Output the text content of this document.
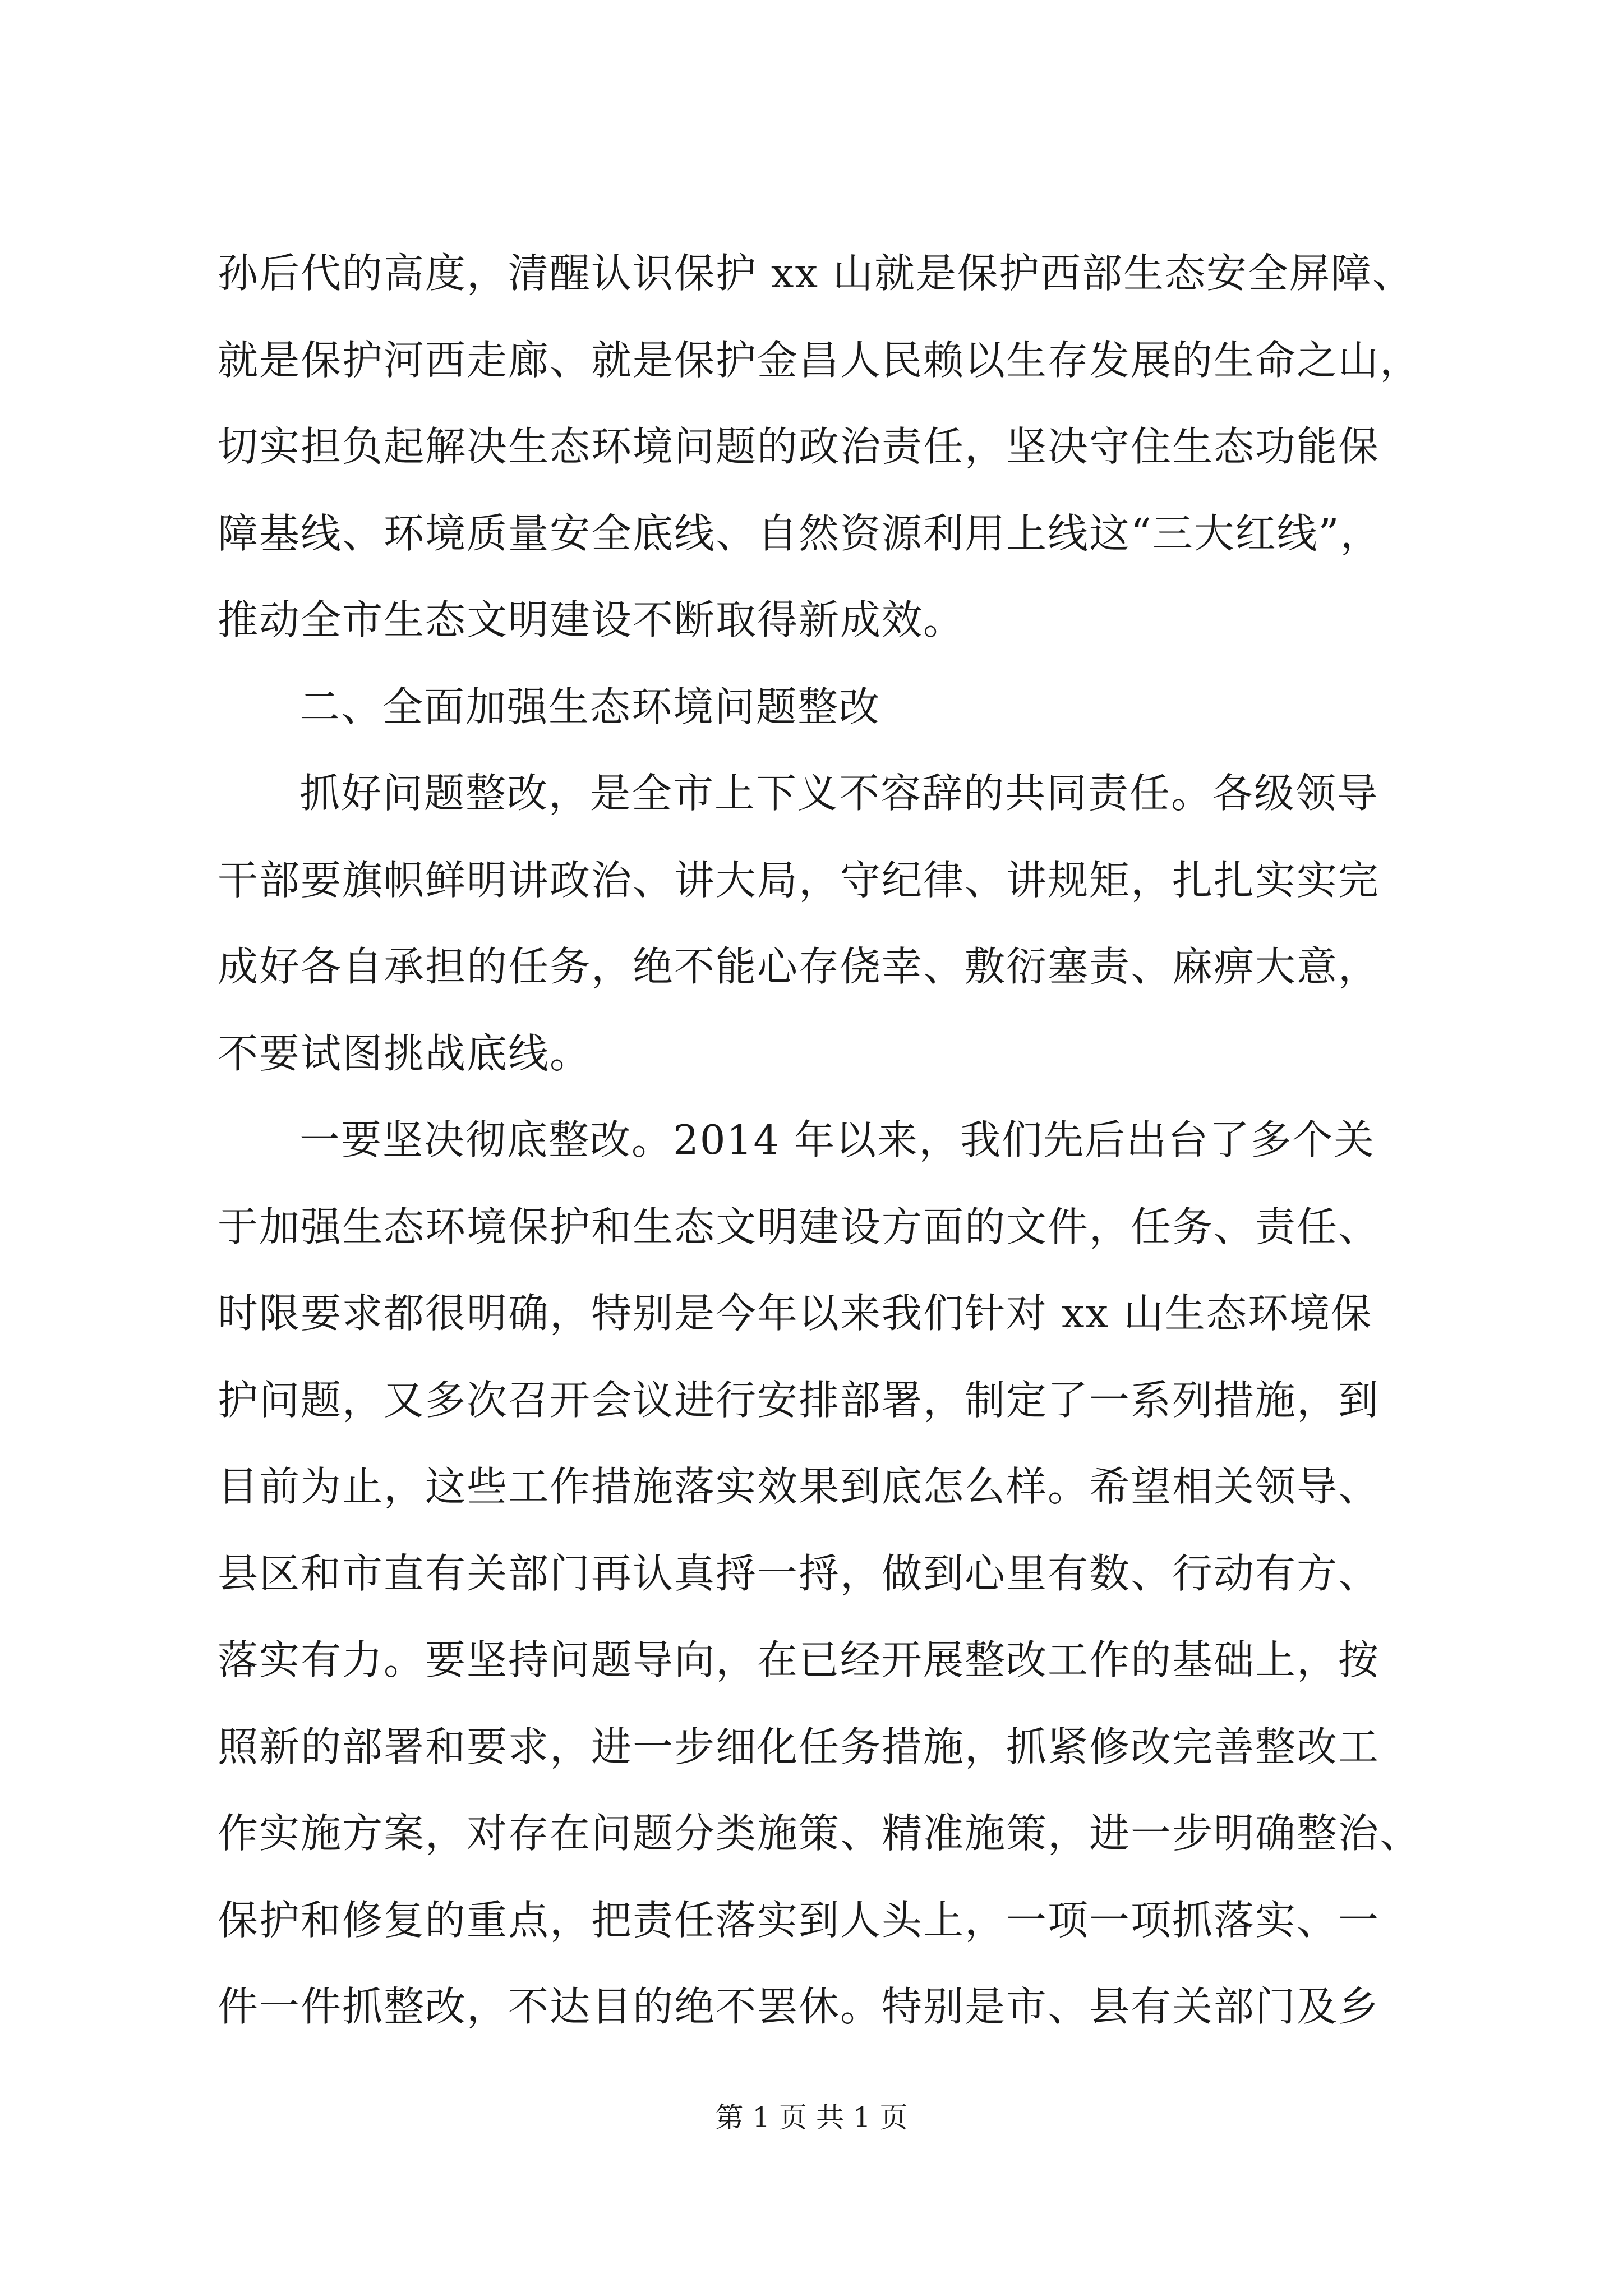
孙后代的高度，清醒认识保护 xx 山就是保护西部生态安全屏障、
就是保护河西走廊、就是保护金昌人民赖以生存发展的生命之山，
切实担负起解决生态环境问题的政治责任，坚决守住生态功能保
障基线、环境质量安全底线、自然资源利用上线这“三大红线”，
推动全市生态文明建设不断取得新成效。
二、全面加强生态环境问题整改
抓好问题整改，是全市上下义不容辞的共同责任。各级领导
干部要旗帜鲜明讲政治、讲大局，守纪律、讲规矩，扎扎实实完
成好各自承担的任务，绝不能心存侥幸、敷衍塞责、麻痹大意，
不要试图挑战底线。
一要坚决彻底整改。2014 年以来，我们先后出台了多个关
于加强生态环境保护和生态文明建设方面的文件，任务、责任、
时限要求都很明确，特别是今年以来我们针对 xx 山生态环境保
护问题，又多次召开会议进行安排部署，制定了一系列措施，到
目前为止，这些工作措施落实效果到底怎么样。希望相关领导、
县区和市直有关部门再认真捋一捋，做到心里有数、行动有方、
落实有力。要坚持问题导向，在已经开展整改工作的基础上，按
照新的部署和要求，进一步细化任务措施，抓紧修改完善整改工
作实施方案，对存在问题分类施策、精准施策，进一步明确整治、
保护和修复的重点，把责任落实到人头上，一项一项抓落实、一
件一件抓整改，不达目的绝不罢休。特别是市、县有关部门及乡
第 1 页 共 1 页
